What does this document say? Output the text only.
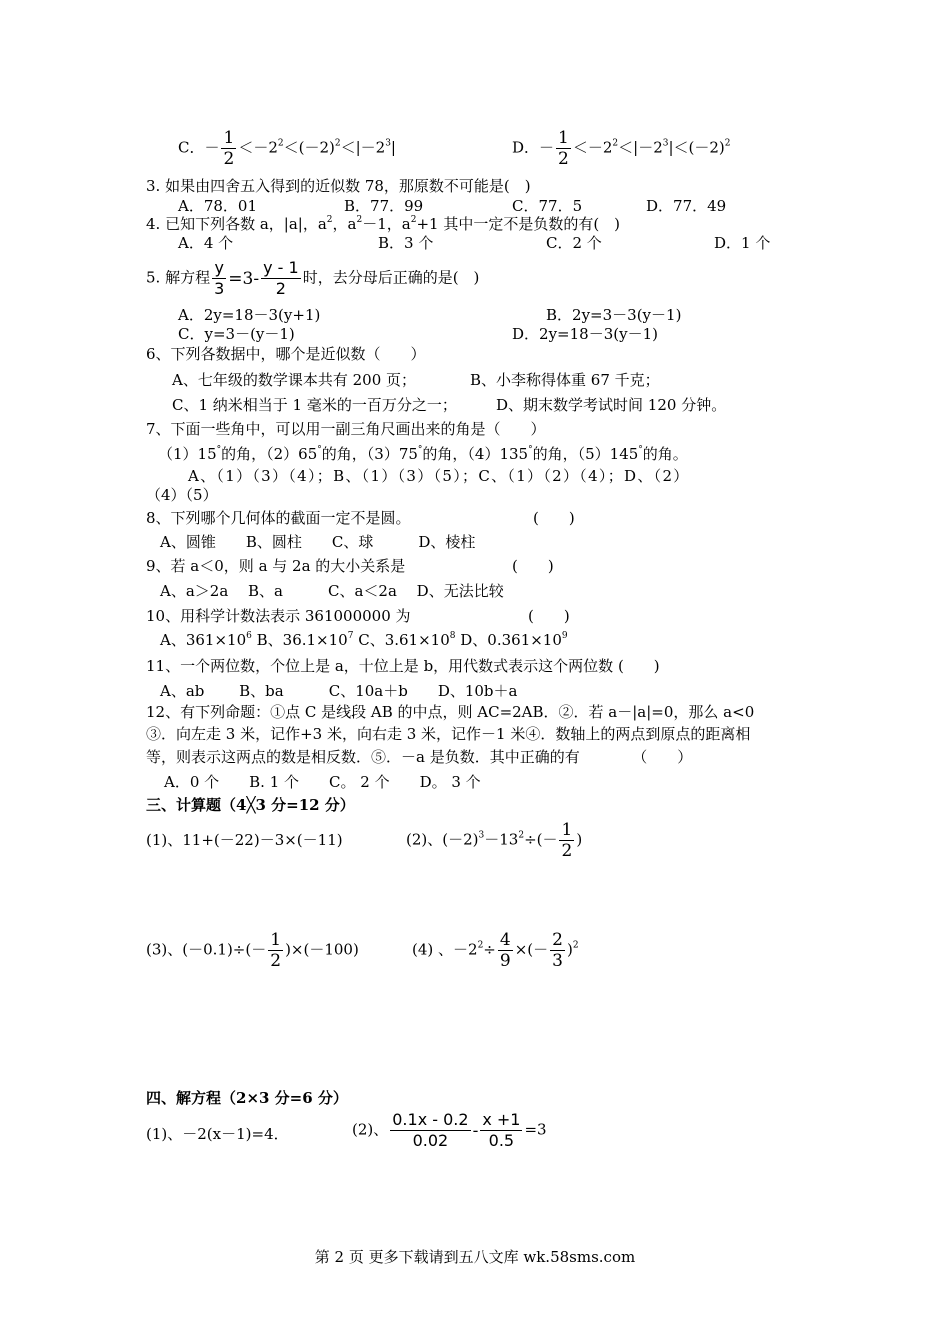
C．－ $\frac{1}{2} <-2^2<(-2)^2<|-2^3|$	D．－ $\frac{1}{2} <-2^2<|-2^3|<(-2)^2$
3. 如果由四舍五入得到的近似数 78，那原数不可能是(　)
A．78．01	B．77．99	C．77．5	D．77．49
4. 已知下列各数 a，|a|，$a^2$，$a^2-1$，$a^2+1$ 其中一定不是负数的有(　)
A．4 个	B．3 个	C．2 个	D．1 个
5. 解方程 $\frac{y}{3} =3- \frac{y - 1}{2}$ 时，去分母后正确的是(　)
A．2y=18－3(y+1)	B．2y=3－3(y－1)
C．y=3－(y－1)	D．2y=18－3(y－1)
6、下列各数据中，哪个是近似数（　　）
A、七年级的数学课本共有 200 页；	B、小李称得体重 67 千克；
C、1 纳米相当于 1 毫米的一百万分之一；	D、期末数学考试时间 120 分钟。
7、下面一些角中，可以用一副三角尺画出来的角是（　　）
（1）15°的角，（2）65°的角，（3）75°的角，（4）135°的角，（5）145°的角。
A、（1）（3）（4）；B、（1）（3）（5）；C、（1）（2）（4）；D、（2）
（4）（5）
8、下列哪个几何体的截面一定不是圆。	(　　)
A、圆锥　　B、圆柱　　C、球　　　D、棱柱
9、若 a＜0，则 a 与 2a 的大小关系是	(　　)
A、a＞2a　 B、a　　　C、a＜2a　 D、无法比较
10、用科学计数法表示 361000000 为	(　　)
A、$361\times 10^6$ B、$36.1\times 10^7$ C、$3.61\times 10^8$ D、$0.361\times 10^9$
11、一个两位数，个位上是 a，十位上是 b，用代数式表示这个两位数 (　　)
A、ab　　 B、ba　　　C、10a＋b　　D、10b＋a
12、有下列命题：①点 C 是线段 AB 的中点，则 AC=2AB．②．若 a－|a|=0，那么 a<0
③．向左走 3 米，记作+3 米，向右走 3 米，记作－1 米④．数轴上的两点到原点的距离相
等，则表示这两点的数是相反数．⑤．－a 是负数．其中正确的有　　　　（　　）
A．0 个　　B. 1 个　　C。 2 个　　D。 3 个
三、计算题（4╳3 分=12 分）
(1)、11+(－22)－3×(－11)	(2)、$(-2)^3-13^2\div(- \frac{1}{2}$ )
(3)、$(-0.1)\div(- \frac{1}{2} )\times(-100)$	(4) 、$-2^2\div \frac{4}{9}$ ×(－ $\frac{2}{3} )^2$
四、解方程（2×3 分=6 分）
(1)、－2(x－1)=4．	(2)、 $\frac{0.1x - 0.2}{0.02} - \frac{x +1}{0.5} =3$
第 2 页 更多下载请到五八文库 wk.58sms.com
